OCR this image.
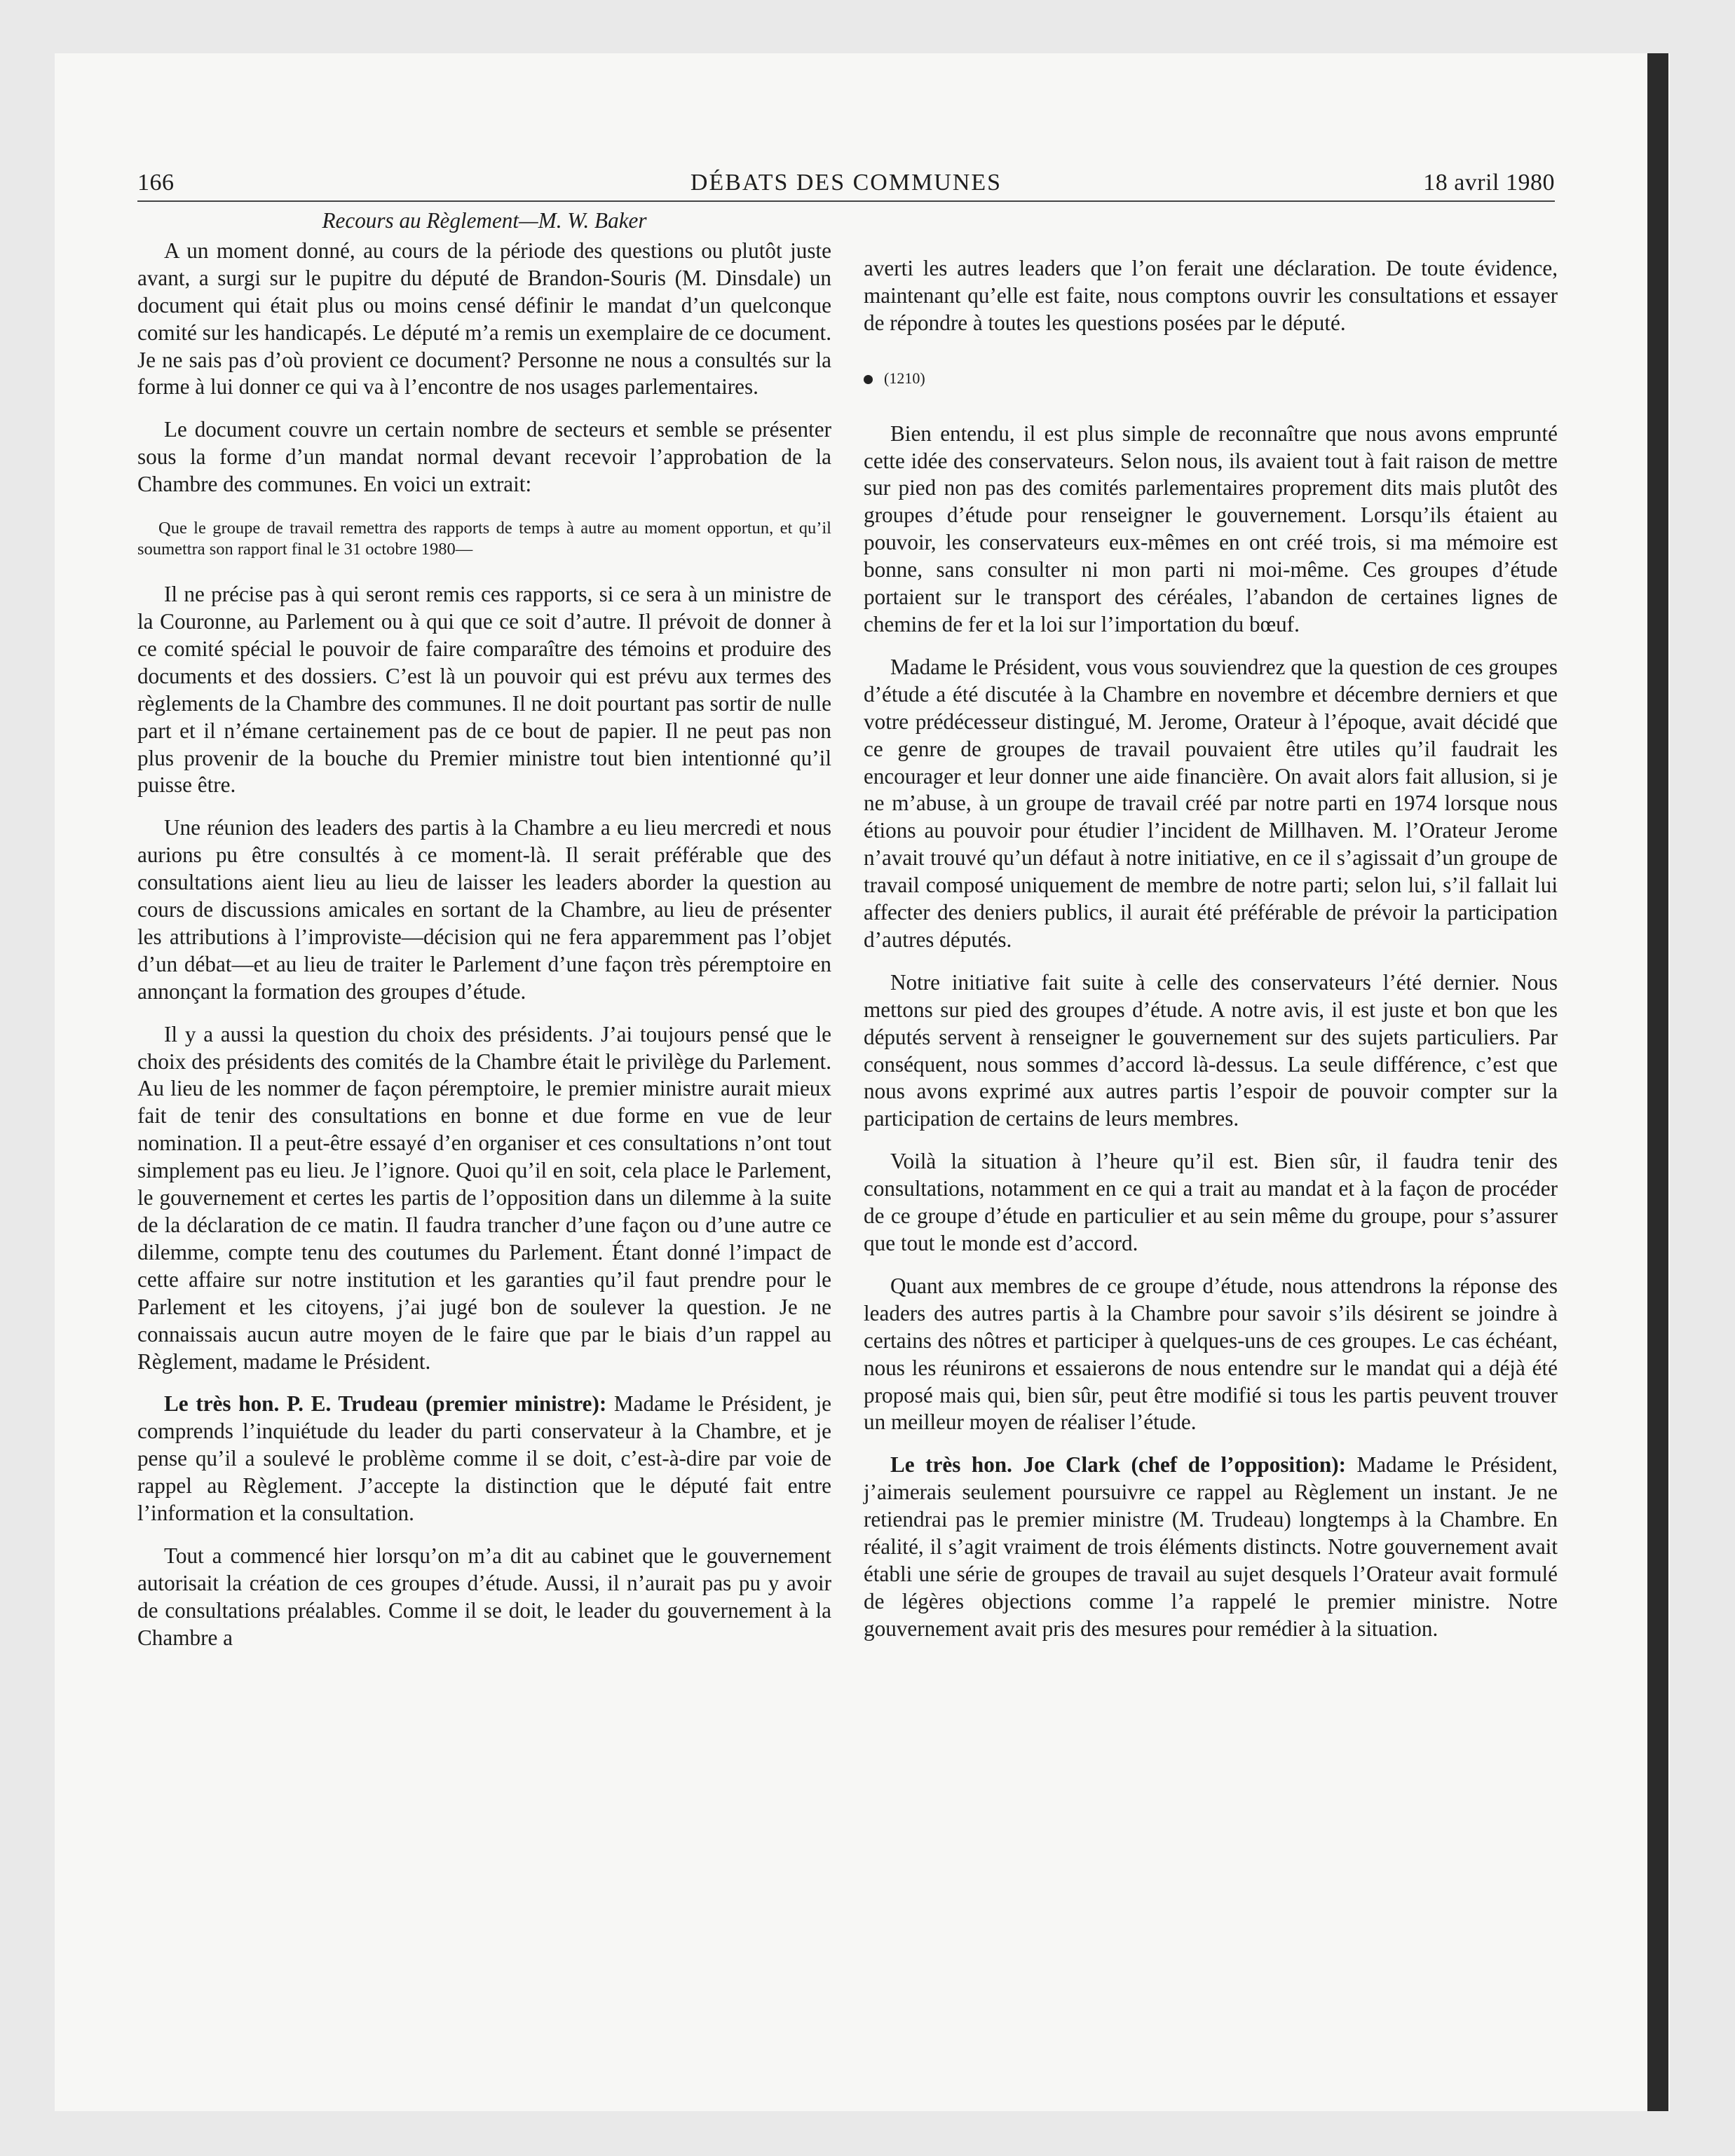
166	DÉBATS DES COMMUNES	18 avril 1980
Recours au Règlement—M. W. Baker

A un moment donné, au cours de la période des questions ou plutôt juste avant, a surgi sur le pupitre du député de Brandon-Souris (M. Dinsdale) un document qui était plus ou moins censé définir le mandat d’un quelconque comité sur les handicapés. Le député m’a remis un exemplaire de ce document. Je ne sais pas d’où provient ce document? Personne ne nous a consultés sur la forme à lui donner ce qui va à l’encontre de nos usages parlementaires.

Le document couvre un certain nombre de secteurs et semble se présenter sous la forme d’un mandat normal devant recevoir l’approbation de la Chambre des communes. En voici un extrait:

Que le groupe de travail remettra des rapports de temps à autre au moment opportun, et qu’il soumettra son rapport final le 31 octobre 1980—

Il ne précise pas à qui seront remis ces rapports, si ce sera à un ministre de la Couronne, au Parlement ou à qui que ce soit d’autre. Il prévoit de donner à ce comité spécial le pouvoir de faire comparaître des témoins et produire des documents et des dossiers. C’est là un pouvoir qui est prévu aux termes des règlements de la Chambre des communes. Il ne doit pourtant pas sortir de nulle part et il n’émane certainement pas de ce bout de papier. Il ne peut pas non plus provenir de la bouche du Premier ministre tout bien intentionné qu’il puisse être.

Une réunion des leaders des partis à la Chambre a eu lieu mercredi et nous aurions pu être consultés à ce moment-là. Il serait préférable que des consultations aient lieu au lieu de laisser les leaders aborder la question au cours de discussions amicales en sortant de la Chambre, au lieu de présenter les attributions à l’improviste—décision qui ne fera apparemment pas l’objet d’un débat—et au lieu de traiter le Parlement d’une façon très péremptoire en annonçant la formation des groupes d’étude.

Il y a aussi la question du choix des présidents. J’ai toujours pensé que le choix des présidents des comités de la Chambre était le privilège du Parlement. Au lieu de les nommer de façon péremptoire, le premier ministre aurait mieux fait de tenir des consultations en bonne et due forme en vue de leur nomination. Il a peut-être essayé d’en organiser et ces consultations n’ont tout simplement pas eu lieu. Je l’ignore. Quoi qu’il en soit, cela place le Parlement, le gouvernement et certes les partis de l’opposition dans un dilemme à la suite de la déclaration de ce matin. Il faudra trancher d’une façon ou d’une autre ce dilemme, compte tenu des coutumes du Parlement. Étant donné l’impact de cette affaire sur notre institution et les garanties qu’il faut prendre pour le Parlement et les citoyens, j’ai jugé bon de soulever la question. Je ne connaissais aucun autre moyen de le faire que par le biais d’un rappel au Règlement, madame le Président.

Le très hon. P. E. Trudeau (premier ministre): Madame le Président, je comprends l’inquiétude du leader du parti conservateur à la Chambre, et je pense qu’il a soulevé le problème comme il se doit, c’est-à-dire par voie de rappel au Règlement. J’accepte la distinction que le député fait entre l’information et la consultation.

Tout a commencé hier lorsqu’on m’a dit au cabinet que le gouvernement autorisait la création de ces groupes d’étude. Aussi, il n’aurait pas pu y avoir de consultations préalables. Comme il se doit, le leader du gouvernement à la Chambre a

averti les autres leaders que l’on ferait une déclaration. De toute évidence, maintenant qu’elle est faite, nous comptons ouvrir les consultations et essayer de répondre à toutes les questions posées par le député.

(1210)

Bien entendu, il est plus simple de reconnaître que nous avons emprunté cette idée des conservateurs. Selon nous, ils avaient tout à fait raison de mettre sur pied non pas des comités parlementaires proprement dits mais plutôt des groupes d’étude pour renseigner le gouvernement. Lorsqu’ils étaient au pouvoir, les conservateurs eux-mêmes en ont créé trois, si ma mémoire est bonne, sans consulter ni mon parti ni moi-même. Ces groupes d’étude portaient sur le transport des céréales, l’abandon de certaines lignes de chemins de fer et la loi sur l’importation du bœuf.

Madame le Président, vous vous souviendrez que la question de ces groupes d’étude a été discutée à la Chambre en novembre et décembre derniers et que votre prédécesseur distingué, M. Jerome, Orateur à l’époque, avait décidé que ce genre de groupes de travail pouvaient être utiles qu’il faudrait les encourager et leur donner une aide financière. On avait alors fait allusion, si je ne m’abuse, à un groupe de travail créé par notre parti en 1974 lorsque nous étions au pouvoir pour étudier l’incident de Millhaven. M. l’Orateur Jerome n’avait trouvé qu’un défaut à notre initiative, en ce il s’agissait d’un groupe de travail composé uniquement de membre de notre parti; selon lui, s’il fallait lui affecter des deniers publics, il aurait été préférable de prévoir la participation d’autres députés.

Notre initiative fait suite à celle des conservateurs l’été dernier. Nous mettons sur pied des groupes d’étude. A notre avis, il est juste et bon que les députés servent à renseigner le gouvernement sur des sujets particuliers. Par conséquent, nous sommes d’accord là-dessus. La seule différence, c’est que nous avons exprimé aux autres partis l’espoir de pouvoir compter sur la participation de certains de leurs membres.

Voilà la situation à l’heure qu’il est. Bien sûr, il faudra tenir des consultations, notamment en ce qui a trait au mandat et à la façon de procéder de ce groupe d’étude en particulier et au sein même du groupe, pour s’assurer que tout le monde est d’accord.

Quant aux membres de ce groupe d’étude, nous attendrons la réponse des leaders des autres partis à la Chambre pour savoir s’ils désirent se joindre à certains des nôtres et participer à quelques-uns de ces groupes. Le cas échéant, nous les réunirons et essaierons de nous entendre sur le mandat qui a déjà été proposé mais qui, bien sûr, peut être modifié si tous les partis peuvent trouver un meilleur moyen de réaliser l’étude.

Le très hon. Joe Clark (chef de l’opposition): Madame le Président, j’aimerais seulement poursuivre ce rappel au Règlement un instant. Je ne retiendrai pas le premier ministre (M. Trudeau) longtemps à la Chambre. En réalité, il s’agit vraiment de trois éléments distincts. Notre gouvernement avait établi une série de groupes de travail au sujet desquels l’Orateur avait formulé de légères objections comme l’a rappelé le premier ministre. Notre gouvernement avait pris des mesures pour remédier à la situation.
